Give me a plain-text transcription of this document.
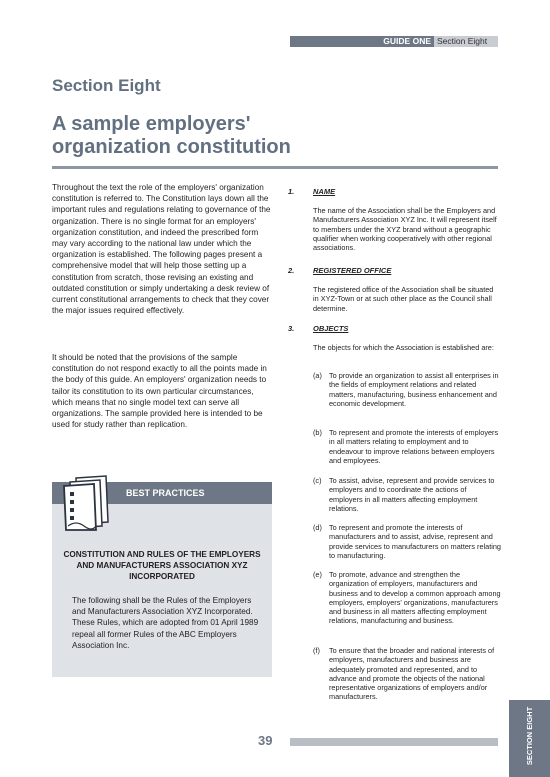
GUIDE ONE Section Eight
Section Eight
A sample employers' organization constitution

Throughout the text the role of the employers' organization constitution is referred to. The Constitution lays down all the important rules and regulations relating to governance of the organization. There is no single format for an employers' organization constitution, and indeed the prescribed form may vary according to the national law under which the organization is established. The following pages present a comprehensive model that will help those setting up a constitution from scratch, those revising an existing and outdated constitution or simply undertaking a desk review of current constitutional arrangements to check that they cover the major issues required effectively.

It should be noted that the provisions of the sample constitution do not respond exactly to all the points made in the body of this guide. An employers' organization needs to tailor its constitution to its own particular circumstances, which means that no single model text can serve all organizations. The sample provided here is intended to be used for study rather than replication.

BEST PRACTICES

CONSTITUTION AND RULES OF THE EMPLOYERS AND MANUFACTURERS ASSOCIATION XYZ INCORPORATED

The following shall be the Rules of the Employers and Manufacturers Association XYZ Incorporated. These Rules, which are adopted from 01 April 1989 repeal all former Rules of the ABC Employers Association Inc.

1. NAME

The name of the Association shall be the Employers and Manufacturers Association XYZ Inc. It will represent itself to members under the XYZ brand without a geographic qualifier when working cooperatively with other regional associations.

2. REGISTERED OFFICE

The registered office of the Association shall be situated in XYZ-Town or at such other place as the Council shall determine.

3. OBJECTS

The objects for which the Association is established are:

(a) To provide an organization to assist all enterprises in the fields of employment relations and related matters, manufacturing, business enhancement and economic development.

(b) To represent and promote the interests of employers in all matters relating to employment and to endeavour to improve relations between employers and employees.

(c) To assist, advise, represent and provide services to employers and to coordinate the actions of employers in all matters affecting employment relations.

(d) To represent and promote the interests of manufacturers and to assist, advise, represent and provide services to manufacturers on matters relating to manufacturing.

(e) To promote, advance and strengthen the organization of employers, manufacturers and business and to develop a common approach among employers, employers' organizations, manufacturers and business in all matters affecting employment relations, manufacturing and business.

(f) To ensure that the broader and national interests of employers, manufacturers and business are adequately promoted and represented, and to advance and promote the objects of the national representative organizations of employers and/or manufacturers.

39	SECTION EIGHT
